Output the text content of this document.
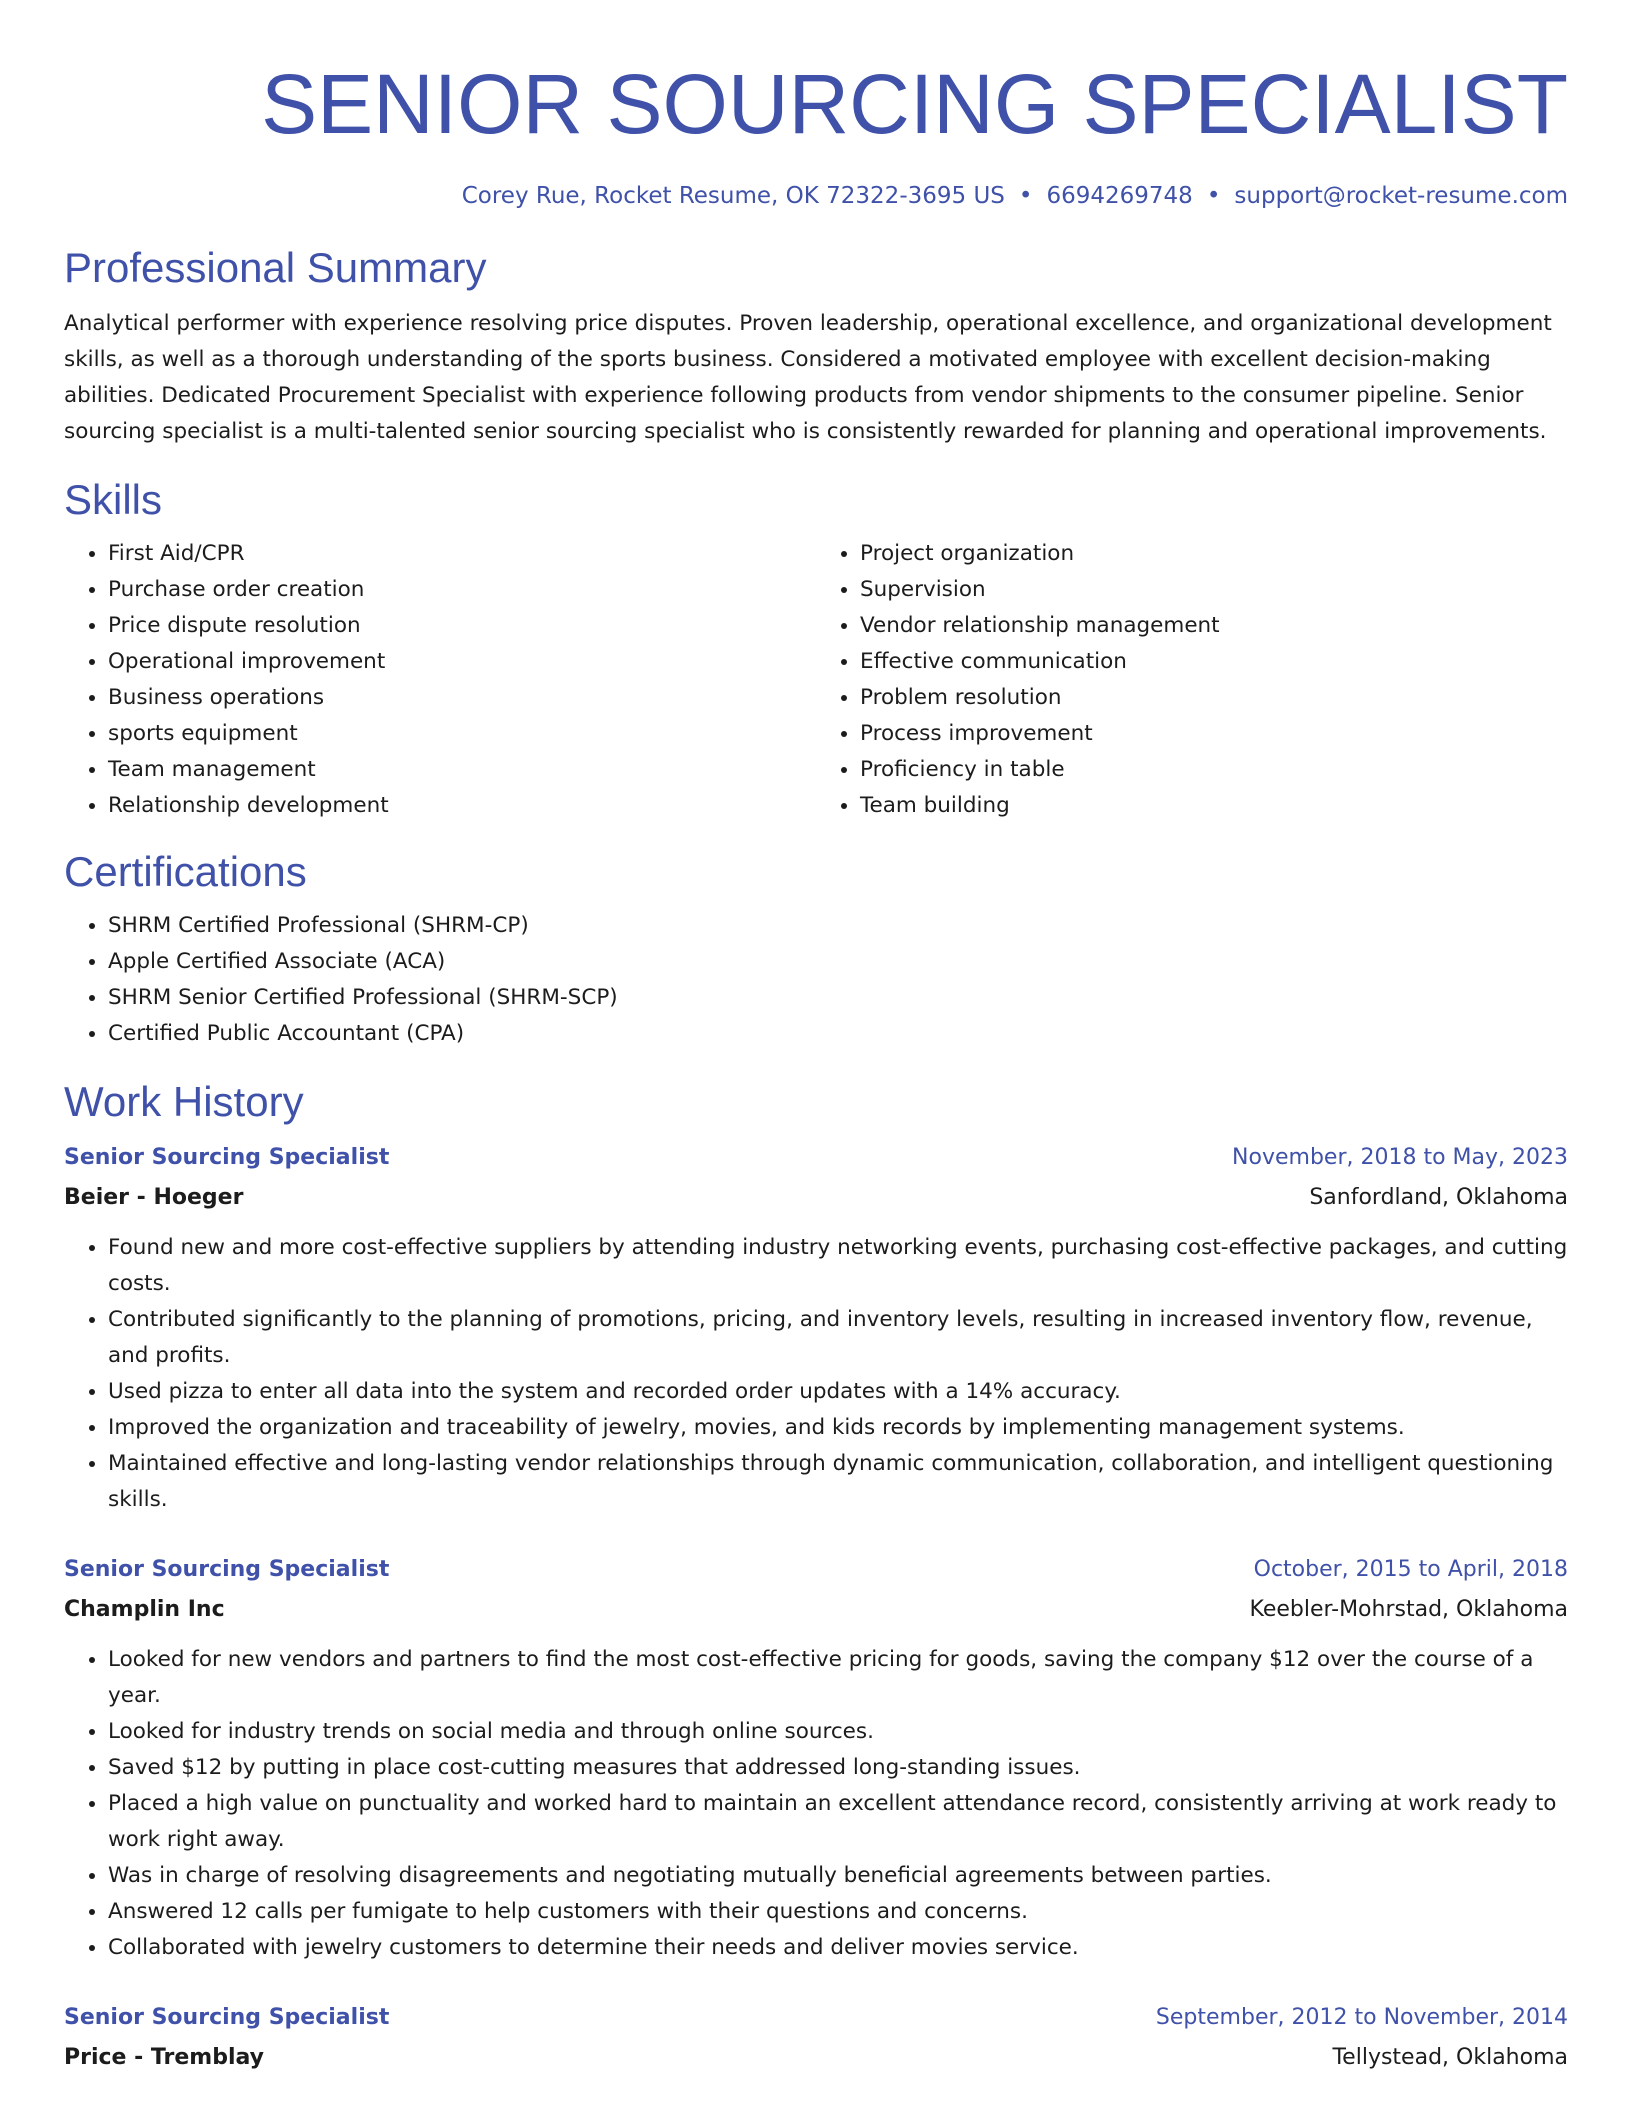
SENIOR SOURCING SPECIALIST
Corey Rue, Rocket Resume, OK 72322-3695 US • 6694269748 • support@rocket-resume.com
Professional Summary

Analytical performer with experience resolving price disputes. Proven leadership, operational excellence, and organizational development skills, as well as a thorough understanding of the sports business. Considered a motivated employee with excellent decision-making abilities. Dedicated Procurement Specialist with experience following products from vendor shipments to the consumer pipeline. Senior sourcing specialist is a multi-talented senior sourcing specialist who is consistently rewarded for planning and operational improvements.

Skills
• First Aid/CPR
• Purchase order creation
• Price dispute resolution
• Operational improvement
• Business operations
• sports equipment
• Team management
• Relationship development
• Project organization
• Supervision
• Vendor relationship management
• Effective communication
• Problem resolution
• Process improvement
• Proficiency in table
• Team building
Certifications
• SHRM Certified Professional (SHRM-CP)
• Apple Certified Associate (ACA)
• SHRM Senior Certified Professional (SHRM-SCP)
• Certified Public Accountant (CPA)
Work History
Senior Sourcing Specialist	November, 2018 to May, 2023
Beier - Hoeger	Sanfordland, Oklahoma
• Found new and more cost-effective suppliers by attending industry networking events, purchasing cost-effective packages, and cutting costs.
• Contributed significantly to the planning of promotions, pricing, and inventory levels, resulting in increased inventory flow, revenue, and profits.
• Used pizza to enter all data into the system and recorded order updates with a 14% accuracy.
• Improved the organization and traceability of jewelry, movies, and kids records by implementing management systems.
• Maintained effective and long-lasting vendor relationships through dynamic communication, collaboration, and intelligent questioning skills.
Senior Sourcing Specialist	October, 2015 to April, 2018
Champlin Inc	Keebler-Mohrstad, Oklahoma
• Looked for new vendors and partners to find the most cost-effective pricing for goods, saving the company $12 over the course of a year.
• Looked for industry trends on social media and through online sources.
• Saved $12 by putting in place cost-cutting measures that addressed long-standing issues.
• Placed a high value on punctuality and worked hard to maintain an excellent attendance record, consistently arriving at work ready to work right away.
• Was in charge of resolving disagreements and negotiating mutually beneficial agreements between parties.
• Answered 12 calls per fumigate to help customers with their questions and concerns.
• Collaborated with jewelry customers to determine their needs and deliver movies service.
Senior Sourcing Specialist	September, 2012 to November, 2014
Price - Tremblay	Tellystead, Oklahoma
